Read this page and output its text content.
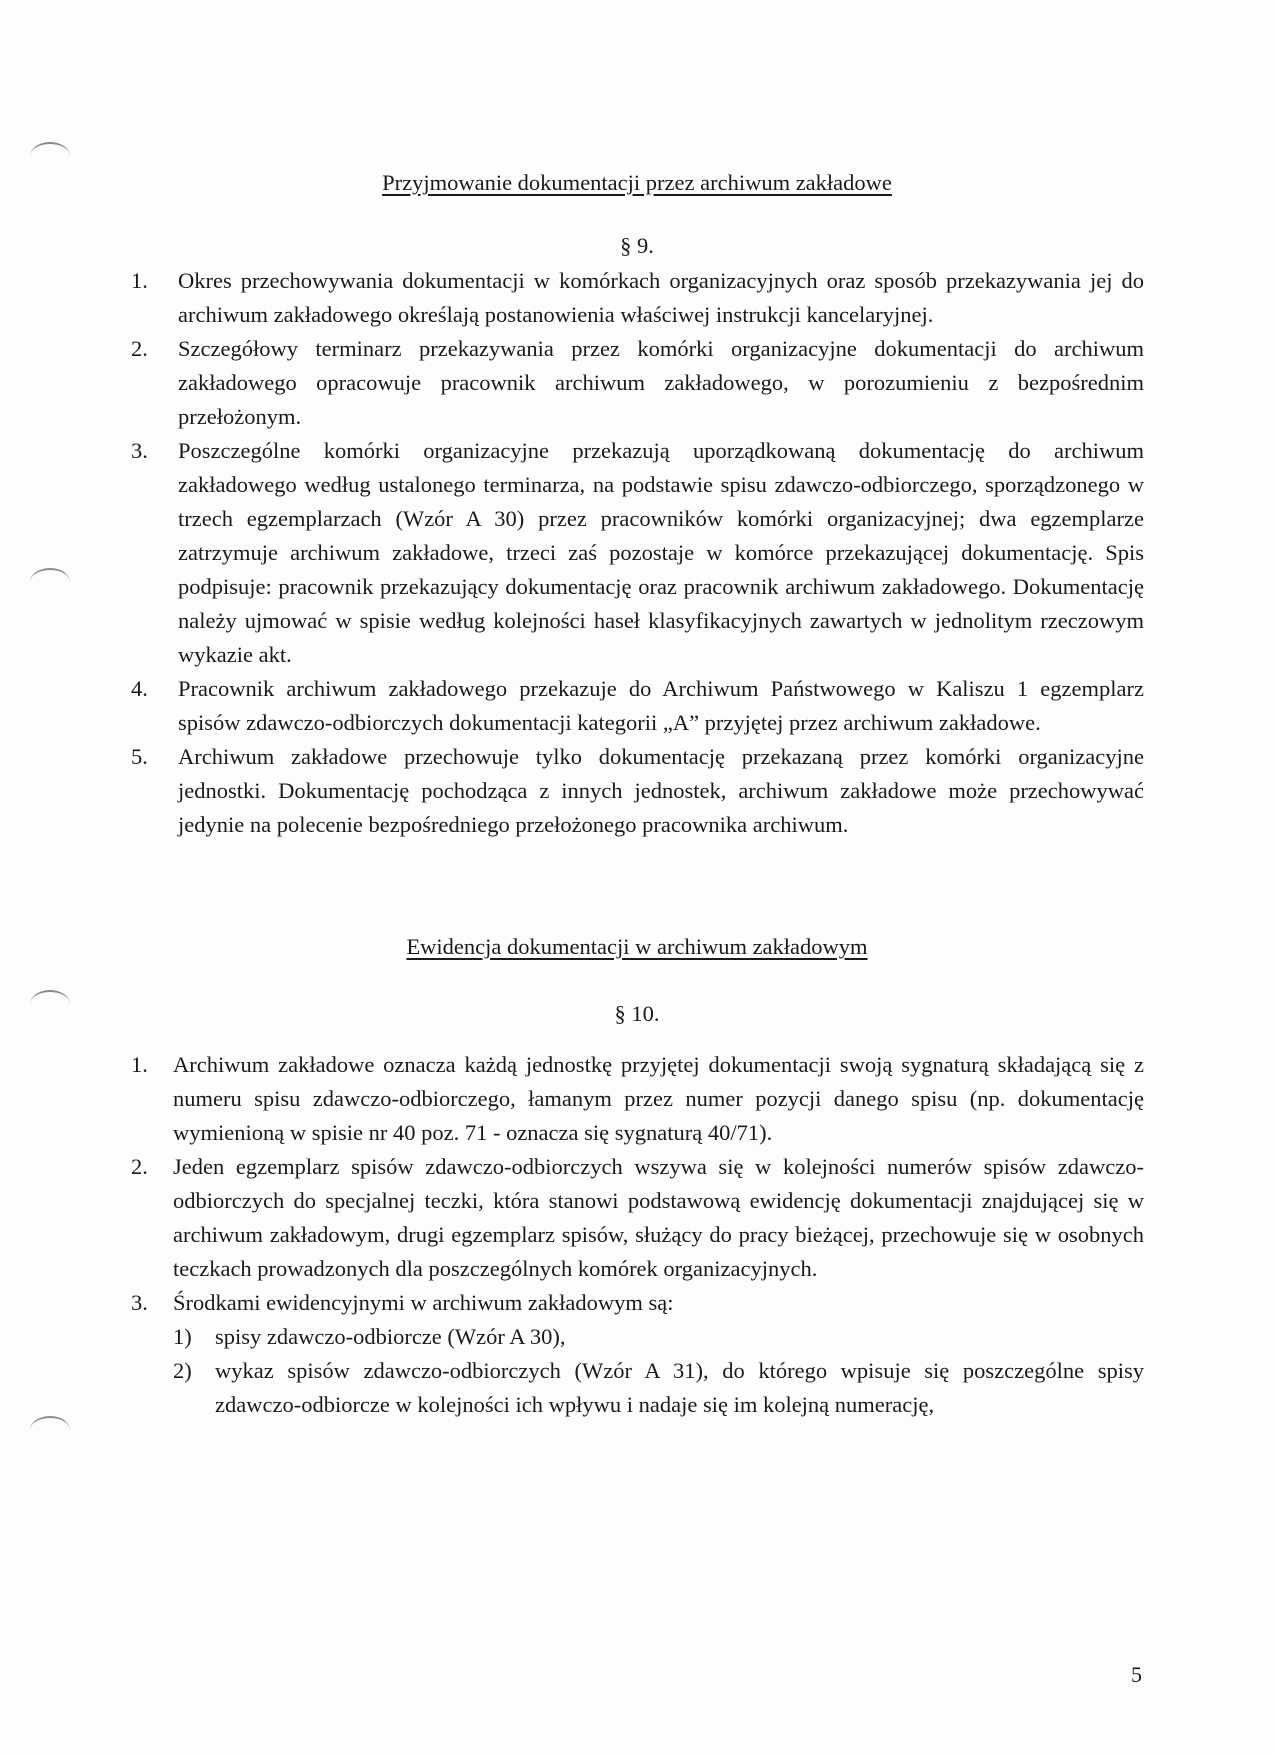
Przyjmowanie dokumentacji przez archiwum zakładowe
§ 9.
1.	Okres przechowywania dokumentacji w komórkach organizacyjnych oraz sposób przekazywania jej do archiwum zakładowego określają postanowienia właściwej instrukcji kancelaryjnej.
2.	Szczegółowy terminarz przekazywania przez komórki organizacyjne dokumentacji do archiwum zakładowego opracowuje pracownik archiwum zakładowego, w porozumieniu z bezpośrednim przełożonym.
3.	Poszczególne komórki organizacyjne przekazują uporządkowaną dokumentację do archiwum zakładowego według ustalonego terminarza, na podstawie spisu zdawczo-odbiorczego, sporządzonego w trzech egzemplarzach (Wzór A 30) przez pracowników komórki organizacyjnej; dwa egzemplarze zatrzymuje archiwum zakładowe, trzeci zaś pozostaje w komórce przekazującej dokumentację. Spis podpisuje: pracownik przekazujący dokumentację oraz pracownik archiwum zakładowego. Dokumentację należy ujmować w spisie według kolejności haseł klasyfikacyjnych zawartych w jednolitym rzeczowym wykazie akt.
4.	Pracownik archiwum zakładowego przekazuje do Archiwum Państwowego w Kaliszu 1 egzemplarz spisów zdawczo-odbiorczych dokumentacji kategorii „A” przyjętej przez archiwum zakładowe.
5.	Archiwum zakładowe przechowuje tylko dokumentację przekazaną przez komórki organizacyjne jednostki. Dokumentację pochodząca z innych jednostek, archiwum zakładowe może przechowywać jedynie na polecenie bezpośredniego przełożonego pracownika archiwum.
Ewidencja dokumentacji w archiwum zakładowym
§ 10.
1.	Archiwum zakładowe oznacza każdą jednostkę przyjętej dokumentacji swoją sygnaturą składającą się z numeru spisu zdawczo-odbiorczego, łamanym przez numer pozycji danego spisu (np. dokumentację wymienioną w spisie nr 40 poz. 71 - oznacza się sygnaturą 40/71).
2.	Jeden egzemplarz spisów zdawczo-odbiorczych wszywa się w kolejności numerów spisów zdawczo-odbiorczych do specjalnej teczki, która stanowi podstawową ewidencję dokumentacji znajdującej się w archiwum zakładowym, drugi egzemplarz spisów, służący do pracy bieżącej, przechowuje się w osobnych teczkach prowadzonych dla poszczególnych komórek organizacyjnych.
3.	Środkami ewidencyjnymi w archiwum zakładowym są:
1)	spisy zdawczo-odbiorcze (Wzór A 30),
2)	wykaz spisów zdawczo-odbiorczych (Wzór A 31), do którego wpisuje się poszczególne spisy zdawczo-odbiorcze w kolejności ich wpływu i nadaje się im kolejną numerację,
5
